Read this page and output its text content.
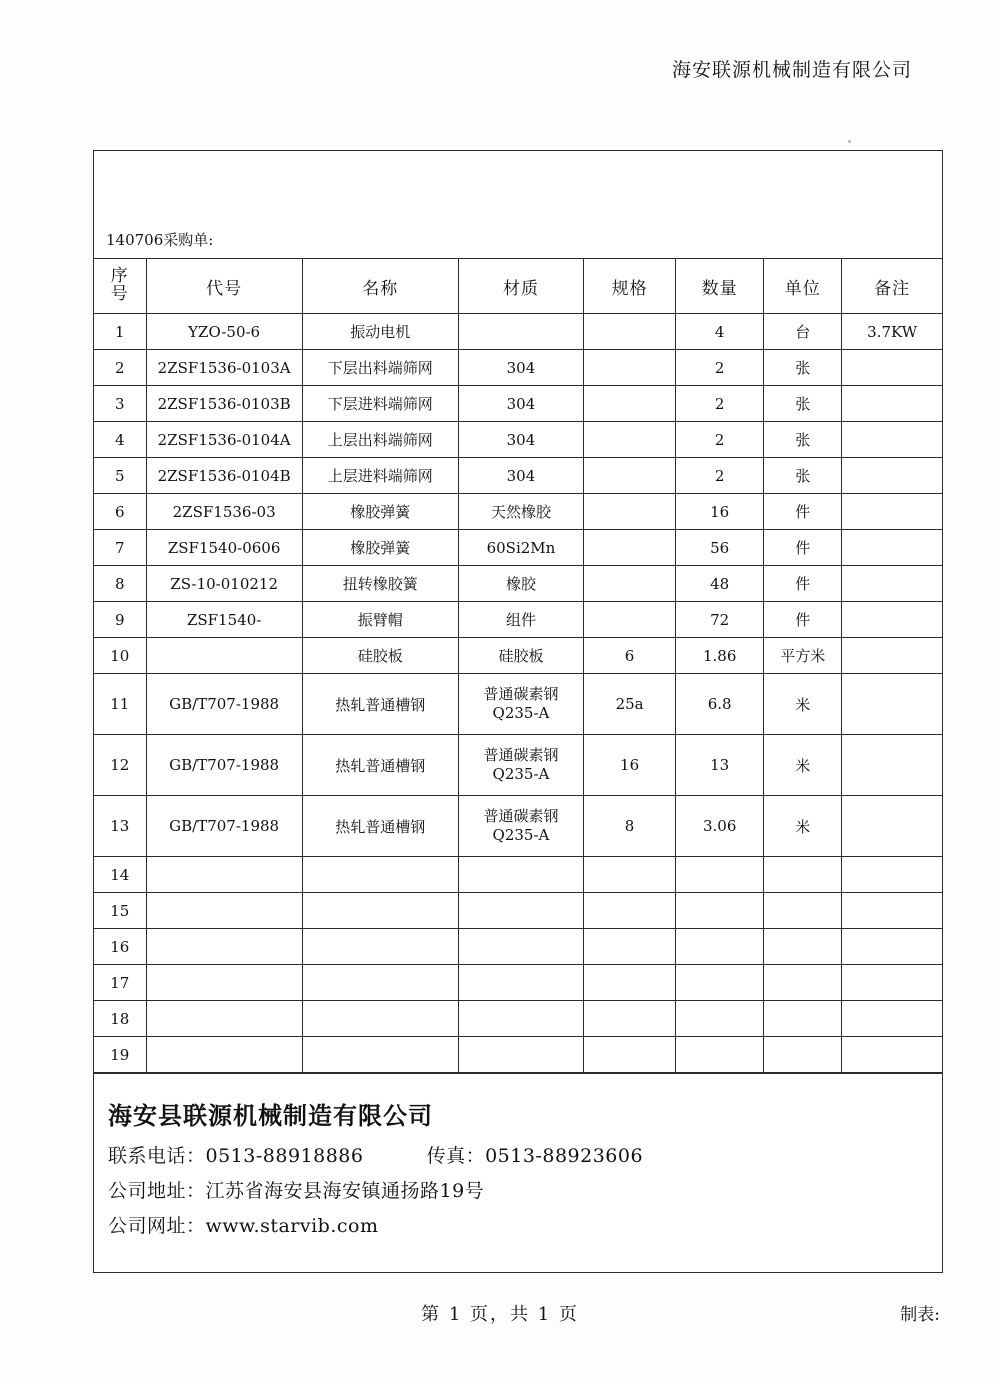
海安联源机械制造有限公司
140706采购单:
序
号	代号	名称	材质	规格	数量	单位	备注
1	YZO-50-6	振动电机			4	台	3.7KW
2	2ZSF1536-0103A	下层出料端筛网	304		2	张	
3	2ZSF1536-0103B	下层进料端筛网	304		2	张	
4	2ZSF1536-0104A	上层出料端筛网	304		2	张	
5	2ZSF1536-0104B	上层进料端筛网	304		2	张	
6	2ZSF1536-03	橡胶弹簧	天然橡胶		16	件	
7	ZSF1540-0606	橡胶弹簧	60Si2Mn		56	件	
8	ZS-10-010212	扭转橡胶簧	橡胶		48	件	
9	ZSF1540-	振臂帽	组件		72	件	
10		硅胶板	硅胶板	6	1.86	平方米	
11	GB/T707-1988	热轧普通槽钢	普通碳素钢
Q235-A	25a	6.8	米	
12	GB/T707-1988	热轧普通槽钢	普通碳素钢
Q235-A	16	13	米	
13	GB/T707-1988	热轧普通槽钢	普通碳素钢
Q235-A	8	3.06	米	
14							
15							
16							
17							
18							
19							
海安县联源机械制造有限公司
联系电话：0513-88918886	传真：0513-88923606
公司地址：江苏省海安县海安镇通扬路19号
公司网址：www.starvib.com
第 1 页，共 1 页	制表:
